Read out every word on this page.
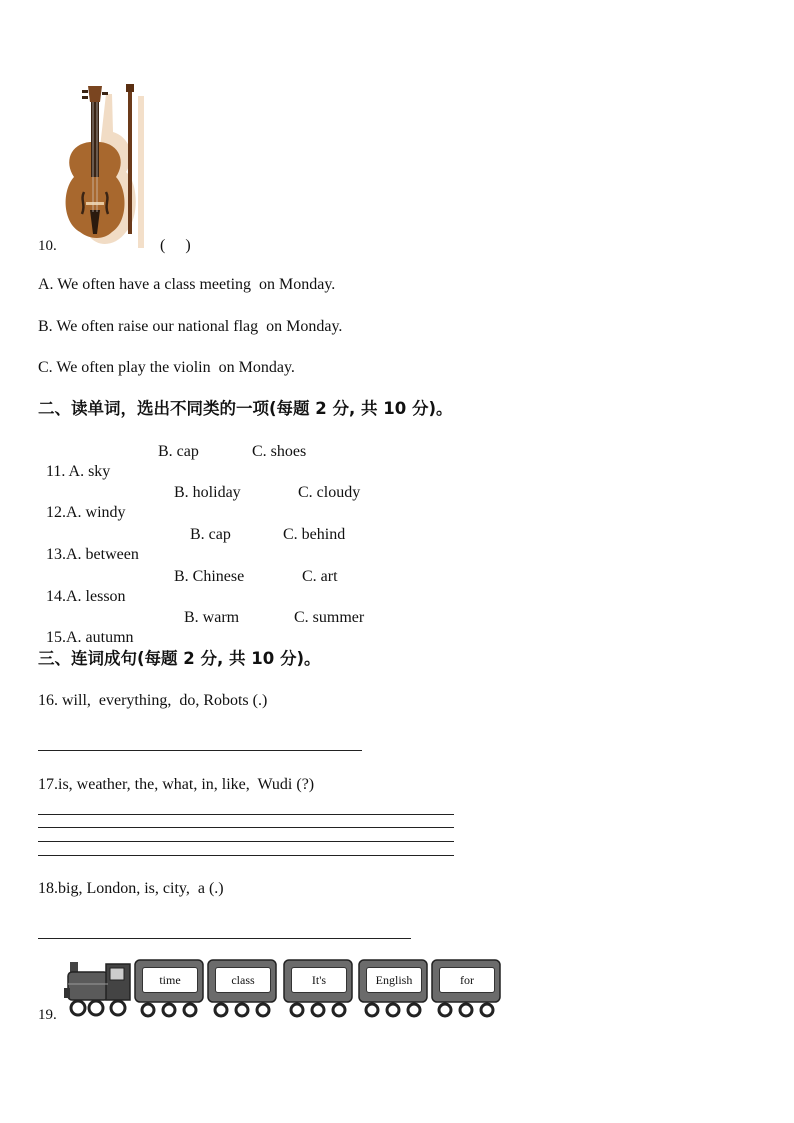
10.	(     )
A. We often have a class meeting  on Monday.
B. We often raise our national flag  on Monday.
C. We often play the violin  on Monday.
二、读单词，选出不同类的一项(每题 2 分, 共 10 分)。

11. A. sky

B. cap	C. shoes

12.A. windy

B. holiday	C. cloudy

13.A. between

B. cap	C. behind

14.A. lesson

B. Chinese	C. art

15.A. autumn

B. warm	C. summer
三、连词成句(每题 2 分, 共 10 分)。
16. will,  everything,  do, Robots (.)
17.is, weather, the, what, in, like,  Wudi (?)
18.big, London, is, city,  a (.)
19.
time	class	It's	English	for
